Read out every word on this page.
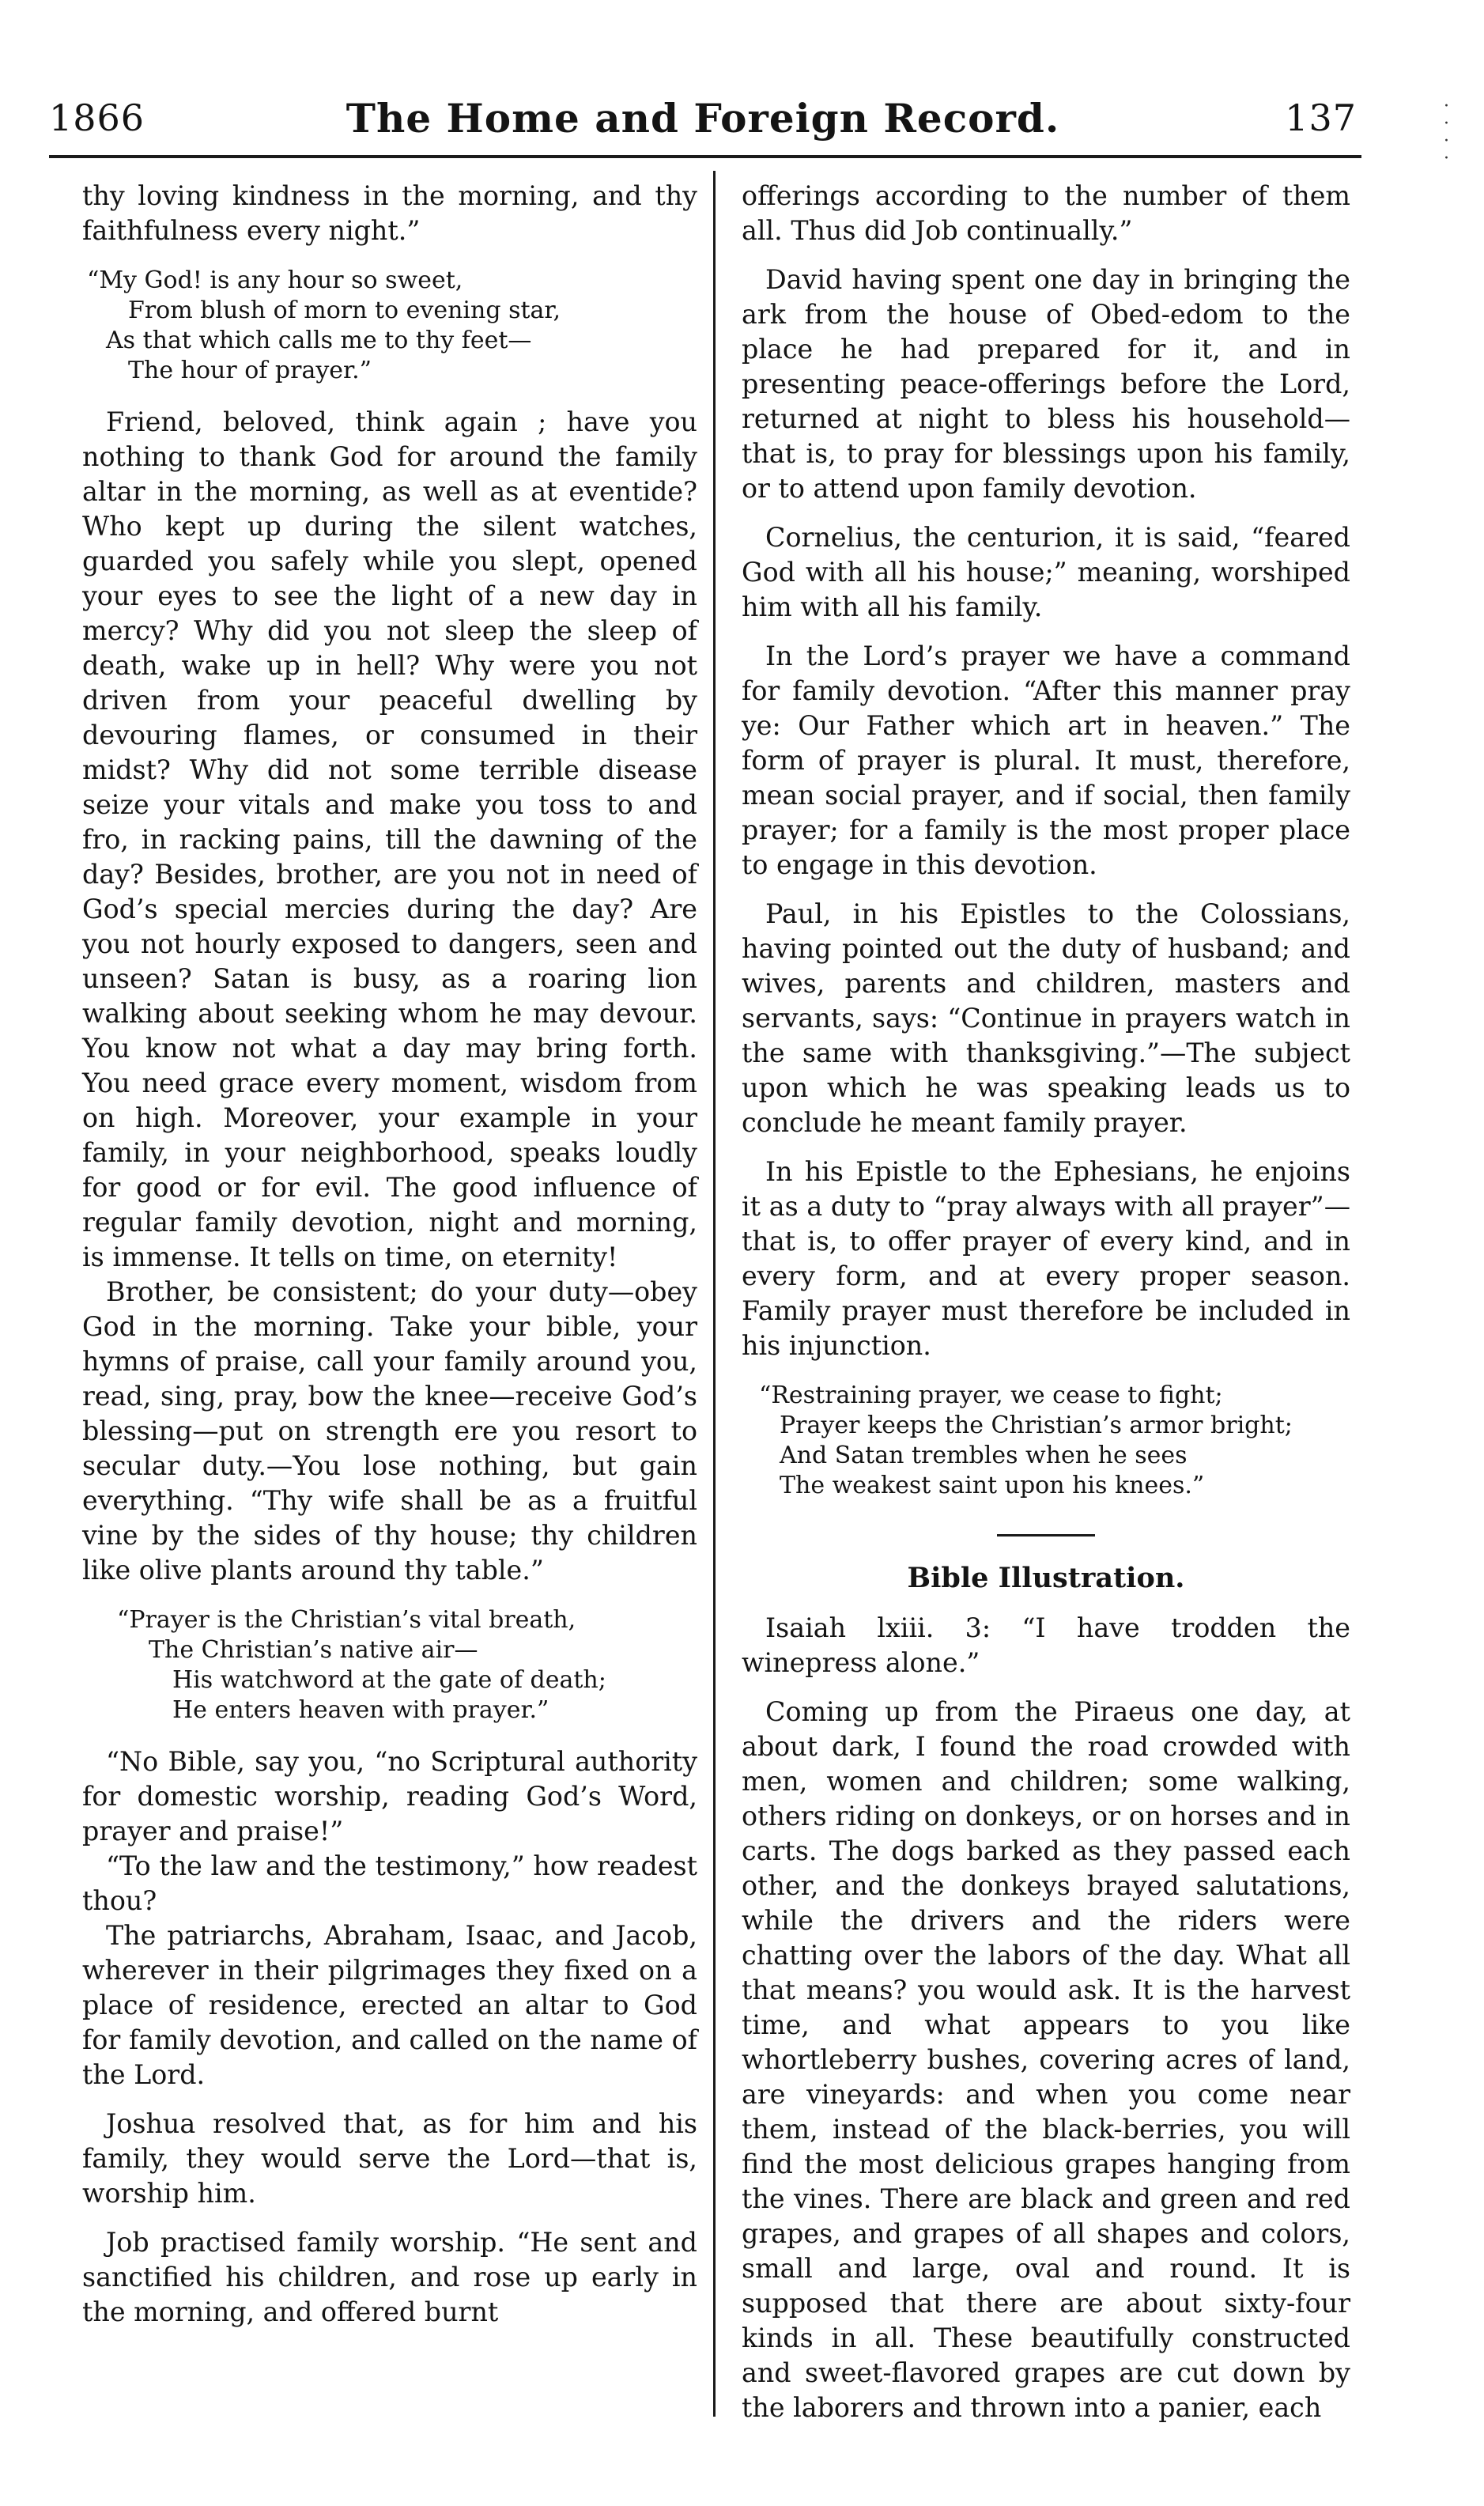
1866	The Home and Foreign Record.	137	·
·
·
·

thy loving kindness in the morning, and thy faithfulness every night.”

“My God! is any hour so sweet,
From blush of morn to evening star,
As that which calls me to thy feet—
The hour of prayer.”

Friend, beloved, think again ; have you nothing to thank God for around the family altar in the morning, as well as at eventide? Who kept up during the silent watches, guarded you safely while you slept, opened your eyes to see the light of a new day in mercy? Why did you not sleep the sleep of death, wake up in hell? Why were you not driven from your peaceful dwelling by devouring flames, or consumed in their midst? Why did not some terrible disease seize your vitals and make you toss to and fro, in racking pains, till the dawning of the day? Besides, brother, are you not in need of God’s special mercies during the day? Are you not hourly exposed to dangers, seen and unseen? Satan is busy, as a roaring lion walking about seeking whom he may devour. You know not what a day may bring forth. You need grace every moment, wisdom from on high. Moreover, your example in your family, in your neighborhood, speaks loudly for good or for evil. The good influence of regular family devotion, night and morning, is immense. It tells on time, on eternity!

Brother, be consistent; do your duty—obey God in the morning. Take your bible, your hymns of praise, call your family around you, read, sing, pray, bow the knee—receive God’s blessing—put on strength ere you resort to secular duty.—You lose nothing, but gain everything. “Thy wife shall be as a fruitful vine by the sides of thy house; thy children like olive plants around thy table.”

“Prayer is the Christian’s vital breath,
The Christian’s native air—
His watchword at the gate of death;
He enters heaven with prayer.”

“No Bible, say you, “no Scriptural authority for domestic worship, reading God’s Word, prayer and praise!”

“To the law and the testimony,” how readest thou?

The patriarchs, Abraham, Isaac, and Jacob, wherever in their pilgrimages they fixed on a place of residence, erected an altar to God for family devotion, and called on the name of the Lord.

Joshua resolved that, as for him and his family, they would serve the Lord—that is, worship him.

Job practised family worship. “He sent and sanctified his children, and rose up early in the morning, and offered burnt

offerings according to the number of them all. Thus did Job continually.”

David having spent one day in bringing the ark from the house of Obed-edom to the place he had prepared for it, and in presenting peace-offerings before the Lord, returned at night to bless his household—that is, to pray for blessings upon his family, or to attend upon family devotion.

Cornelius, the centurion, it is said, “feared God with all his house;” meaning, worshiped him with all his family.

In the Lord’s prayer we have a command for family devotion. “After this manner pray ye: Our Father which art in heaven.” The form of prayer is plural. It must, therefore, mean social prayer, and if social, then family prayer; for a family is the most proper place to engage in this devotion.

Paul, in his Epistles to the Colossians, having pointed out the duty of husband; and wives, parents and children, masters and servants, says: “Continue in prayers watch in the same with thanksgiving.”—The subject upon which he was speaking leads us to conclude he meant family prayer.

In his Epistle to the Ephesians, he enjoins it as a duty to “pray always with all prayer”—that is, to offer prayer of every kind, and in every form, and at every proper season. Family prayer must therefore be included in his injunction.

“Restraining prayer, we cease to fight;
Prayer keeps the Christian’s armor bright;
And Satan trembles when he sees
The weakest saint upon his knees.”
Bible Illustration.

Isaiah lxiii. 3: “I have trodden the winepress alone.”

Coming up from the Piraeus one day, at about dark, I found the road crowded with men, women and children; some walking, others riding on donkeys, or on horses and in carts. The dogs barked as they passed each other, and the donkeys brayed salutations, while the drivers and the riders were chatting over the labors of the day. What all that means? you would ask. It is the harvest time, and what appears to you like whortleberry bushes, covering acres of land, are vineyards: and when you come near them, instead of the black-berries, you will find the most delicious grapes hanging from the vines. There are black and green and red grapes, and grapes of all shapes and colors, small and large, oval and round. It is supposed that there are about sixty-four kinds in all. These beautifully constructed and sweet-flavored grapes are cut down by the laborers and thrown into a panier, each
